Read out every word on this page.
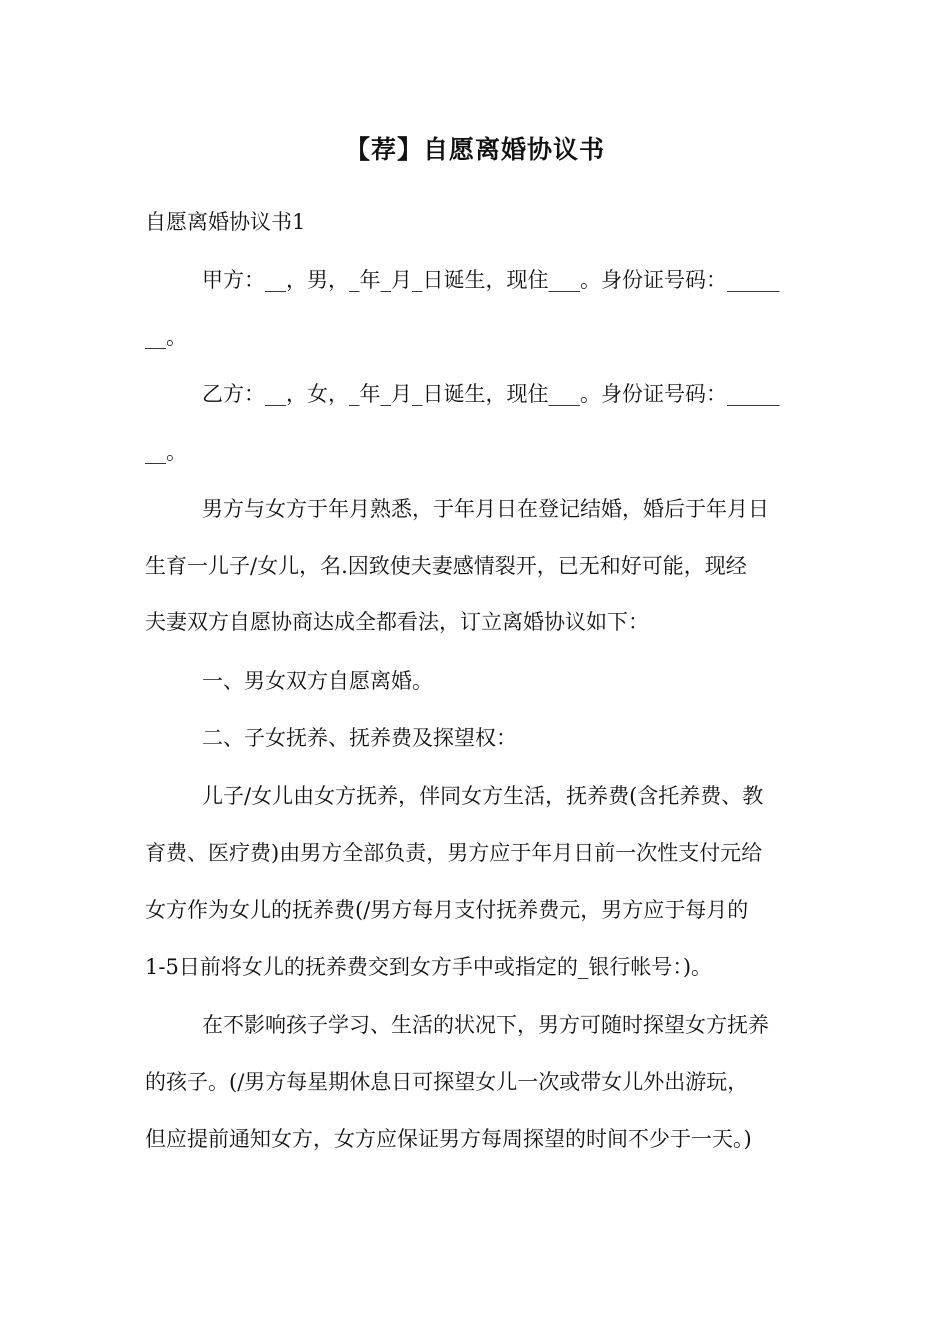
【荐】自愿离婚协议书

自愿离婚协议书1

甲方：__，男，_年_月_日诞生，现住___。身份证号码：_____

__。

乙方：__，女，_年_月_日诞生，现住___。身份证号码：_____

__。

男方与女方于年月熟悉，于年月日在登记结婚，婚后于年月日

生育一儿子/女儿，名.因致使夫妻感情裂开，已无和好可能，现经

夫妻双方自愿协商达成全都看法，订立离婚协议如下：

一、男女双方自愿离婚。

二、子女抚养、抚养费及探望权：

儿子/女儿由女方抚养，伴同女方生活，抚养费(含托养费、教

育费、医疗费)由男方全部负责，男方应于年月日前一次性支付元给

女方作为女儿的抚养费(/男方每月支付抚养费元，男方应于每月的

1-5日前将女儿的抚养费交到女方手中或指定的_银行帐号：)。

在不影响孩子学习、生活的状况下，男方可随时探望女方抚养

的孩子。(/男方每星期休息日可探望女儿一次或带女儿外出游玩，

但应提前通知女方，女方应保证男方每周探望的时间不少于一天。)
